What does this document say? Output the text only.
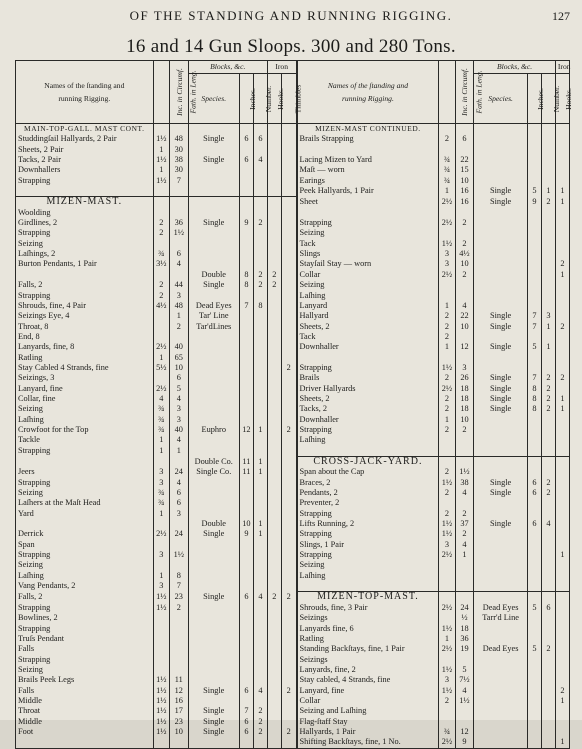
OF THE STANDING AND RUNNING RIGGING.	127
16 and 14 Gun Sloops. 300 and 280 Tons.
Names of the ſtanding and
running Rigging.	Inc. in Circumf.	Fath. in Leng.	Blocks, &c.			Iron		Names of the ſtanding and
running Rigging.	Inc. in Circumf.	Fath. in Leng.	Blocks, &c.			Iron
			Species.	Inches.	Number.	Hooks.	Thimbles				Species.	Inches.	Number.	Hooks.
MAIN-TOP-GALL. MAST CONT.								MIZEN-MAST CONTINUED.						
Studdingſail Hallyards, 2 Pair	1½	48	Single	6	6			Brails Strapping	2	6				
Sheets, 2 Pair	1	30												
Tacks, 2 Pair	1½	38	Single	6	4			Lacing Mizen to Yard	¾	22				
Downhallers	1	30						Maſt — worn	¾	15				
Strapping	1½	7						Earings	¾	10				
								Peek Hallyards, 1 Pair	1	16	Single	5	1	1
MIZEN-MAST.								Sheet	2½	16	Single	9	2	1
Woolding														
Girdlines, 2	2	36	Single	9	2			Strapping	2½	2				
Strapping	2	1½						Seizing						
Seizing								Tack	1½	2				
Laſhings, 2	¾	6						Slings	3	4½				
Burton Pendants, 1 Pair	3½	4						Stayſail Stay — worn	3	10				2
			Double	8	2	2		Collar	2½	2				1
Falls, 2	2	44	Single	8	2	2		Seizing						
Strapping	2	3						Laſhing						
Shrouds, fine, 4 Pair	4½	48	Dead Eyes	7	8			Lanyard	1	4				
Seizings Eye, 4		1	Tar' Line					Hallyard	2	22	Single	7	3	
Throat, 8		2	Tar'dLines					Sheets, 2	2	10	Single	7	1	2
End, 8								Tack	2					
Lanyards, fine, 8	2½	40						Downhaller	1	12	Single	5	1	
Ratling	1	65												
Stay Cabled 4 Strands, fine	5½	10					2	Strapping	1½	3				
Seizings, 3		6						Brails	2	26	Single	7	2	2
Lanyard, fine	2½	5						Driver Hallyards	2½	18	Single	8	2	
Collar, fine	4	4						Sheets, 2	2	18	Single	8	2	1
Seizing	¾	3						Tacks, 2	2	18	Single	8	2	1
Laſhing	¾	3						Downhaller	1	10				
Crowfoot for the Top	¾	40	Euphro	12	1		2	Strapping	2	2				
Tackle	1	4						Laſhing						
Strapping	1	1												
			Double Co.	11	1			CROSS-JACK-YARD.						
Jeers	3	24	Single Co.	11	1			Span about the Cap	2	1½				
Strapping	3	4						Braces, 2	1½	38	Single	6	2	
Seizing	¾	6						Pendants, 2	2	4	Single	6	2	
Laſhers at the Maſt Head	¾	6						Preventer, 2						
Yard	1	3						Strapping	2	2				
			Double	10	1			Lifts Running, 2	1½	37	Single	6	4	
Derrick	2½	24	Single	9	1			Strapping	1½	2				
Span								Slings, 1 Pair	3	4				
Strapping	3	1½						Strapping	2½	1				1
Seizing								Seizing						
Laſhing	1	8						Laſhing						
Vang Pendants, 2	3	7												
Falls, 2	1½	23	Single	6	4	2	2	MIZEN-TOP-MAST.						
Strapping	1½	2						Shrouds, fine, 3 Pair	2½	24	Dead Eyes	5	6	
Bowlines, 2								Seizings		½	Tarr'd Line			
Strapping								Lanyards fine, 6	1½	18				
Truſs Pendant								Ratling	1	36				
Falls								Standing Backſtays, fine, 1 Pair	2½	19	Dead Eyes	5	2	
Strapping								Seizings						
Seizing								Lanyards, fine, 2	1½	5				
Brails Peek Legs	1½	11						Stay cabled, 4 Strands, fine	3	7½				
Falls	1½	12	Single	6	4		2	Lanyard, fine	1½	4				2
Middle	1½	16						Collar	2	1½				1
Throat	1½	17	Single	7	2			Seizing and Laſhing						
Middle	1½	23	Single	6	2			Flag-ſtaff Stay						
Foot	1½	10	Single	6	2		2	Hallyards, 1 Pair	¾	12				
								Shifting Backſtays, fine, 1 No.	2½	9				1
